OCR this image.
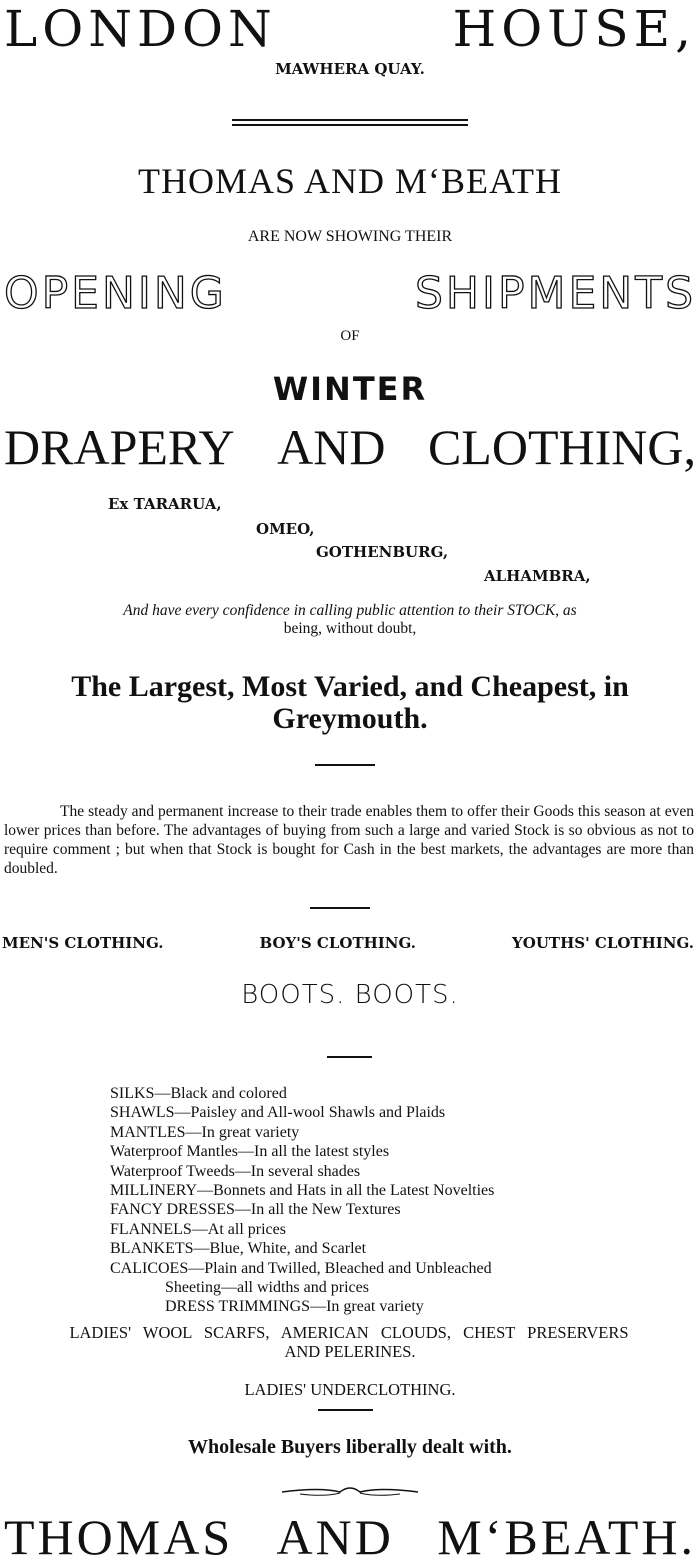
LONDON	HOUSE,
MAWHERA QUAY.
THOMAS AND M‘BEATH
ARE NOW SHOWING THEIR
OPENING	SHIPMENTS
OF
WINTER
DRAPERY AND CLOTHING,
Ex TARARUA,
OMEO,
GOTHENBURG,
ALHAMBRA,
And have every confidence in calling public attention to their STOCK, as
being, without doubt,
The Largest, Most Varied, and Cheapest, in
Greymouth.
The steady and permanent increase to their trade enables them to offer their Goods this season at even lower prices than before. The advantages of buying from such a large and varied Stock is so obvious as not to require comment ; but when that Stock is bought for Cash in the best markets, the advantages are more than doubled.
MEN'S CLOTHING.	BOY'S CLOTHING.	YOUTHS' CLOTHING.
BOOTS. BOOTS.
SILKS—Black and colored
SHAWLS—Paisley and All-wool Shawls and Plaids
MANTLES—In great variety
Waterproof Mantles—In all the latest styles
Waterproof Tweeds—In several shades
MILLINERY—Bonnets and Hats in all the Latest Novelties
FANCY DRESSES—In all the New Textures
FLANNELS—At all prices
BLANKETS—Blue, White, and Scarlet
CALICOES—Plain and Twilled, Bleached and Unbleached
Sheeting—all widths and prices
DRESS TRIMMINGS—In great variety
LADIES' WOOL SCARFS, AMERICAN CLOUDS, CHEST PRESERVERS
AND PELERINES.
LADIES' UNDERCLOTHING.
Wholesale Buyers liberally dealt with.
THOMAS AND M‘BEATH.
